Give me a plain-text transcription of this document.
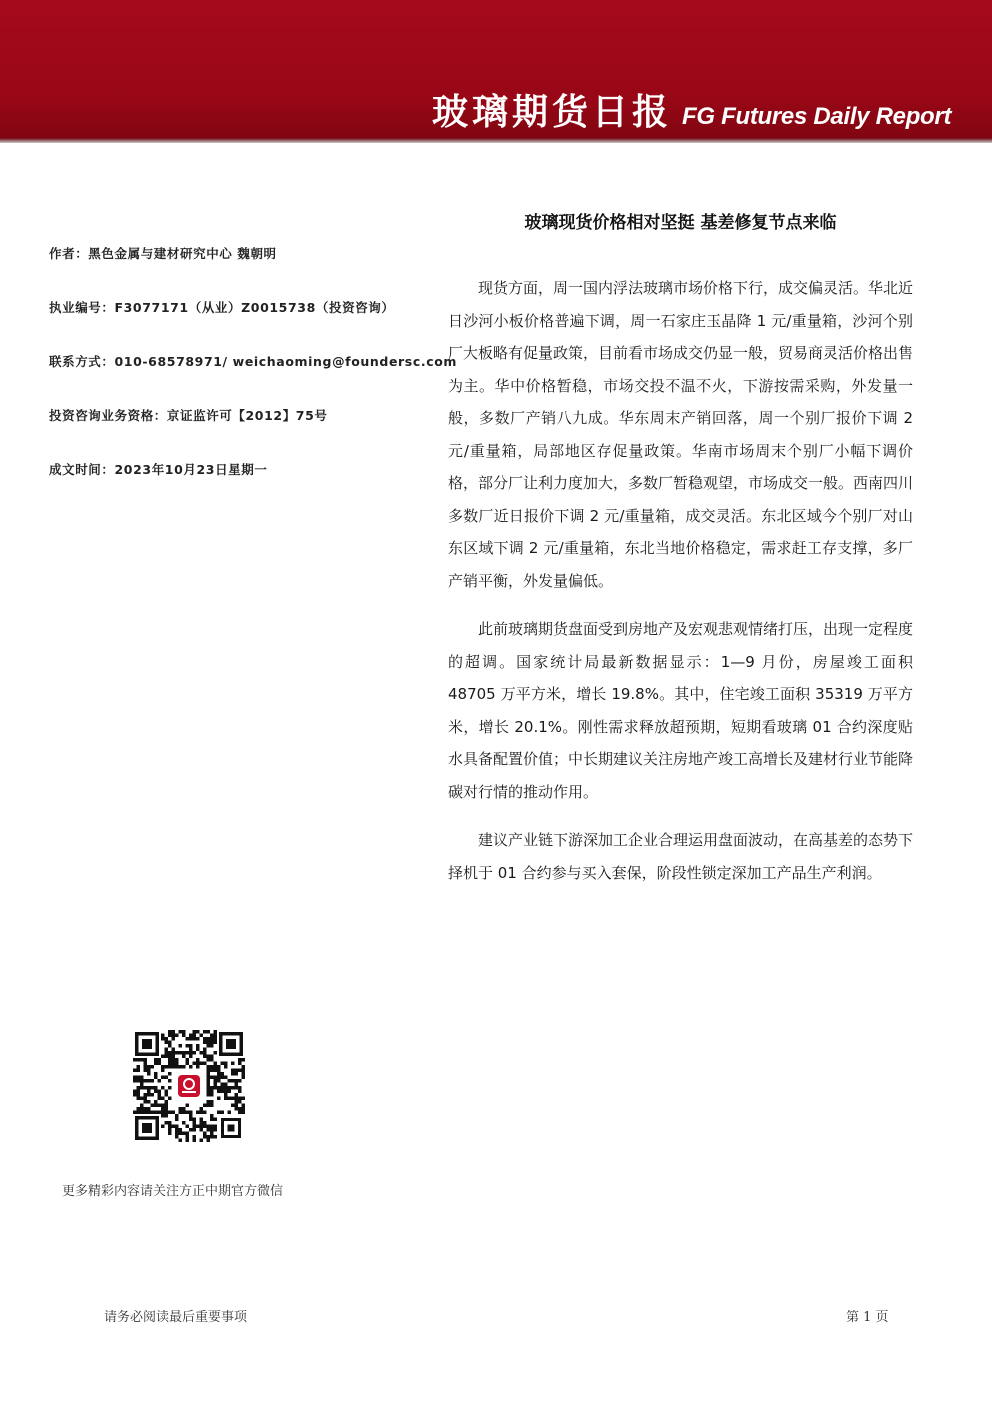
玻璃期货日报 FG Futures Daily Report
作者：黑色金属与建材研究中心 魏朝明
执业编号：F3077171（从业）Z0015738（投资咨询）
联系方式：010-68578971/ weichaoming@foundersc.com
投资咨询业务资格：京证监许可【2012】75号
成文时间：2023年10月23日星期一
玻璃现货价格相对坚挺 基差修复节点来临

现货方面，周一国内浮法玻璃市场价格下行，成交偏灵活。华北近日沙河小板价格普遍下调，周一石家庄玉晶降 1 元/重量箱，沙河个别厂大板略有促量政策，目前看市场成交仍显一般，贸易商灵活价格出售为主。华中价格暂稳，市场交投不温不火，下游按需采购，外发量一般，多数厂产销八九成。华东周末产销回落，周一个别厂报价下调 2 元/重量箱，局部地区存促量政策。华南市场周末个别厂小幅下调价格，部分厂让利力度加大，多数厂暂稳观望，市场成交一般。西南四川多数厂近日报价下调 2 元/重量箱，成交灵活。东北区域今个别厂对山东区域下调 2 元/重量箱，东北当地价格稳定，需求赶工存支撑，多厂产销平衡，外发量偏低。

此前玻璃期货盘面受到房地产及宏观悲观情绪打压，出现一定程度的超调。国家统计局最新数据显示：1—9 月份，房屋竣工面积 48705 万平方米，增长 19.8%。其中，住宅竣工面积 35319 万平方米，增长 20.1%。刚性需求释放超预期，短期看玻璃 01 合约深度贴水具备配置价值；中长期建议关注房地产竣工高增长及建材行业节能降碳对行情的推动作用。

建议产业链下游深加工企业合理运用盘面波动，在高基差的态势下择机于 01 合约参与买入套保，阶段性锁定深加工产品生产利润。

更多精彩内容请关注方正中期官方微信
请务必阅读最后重要事项	第 1 页
